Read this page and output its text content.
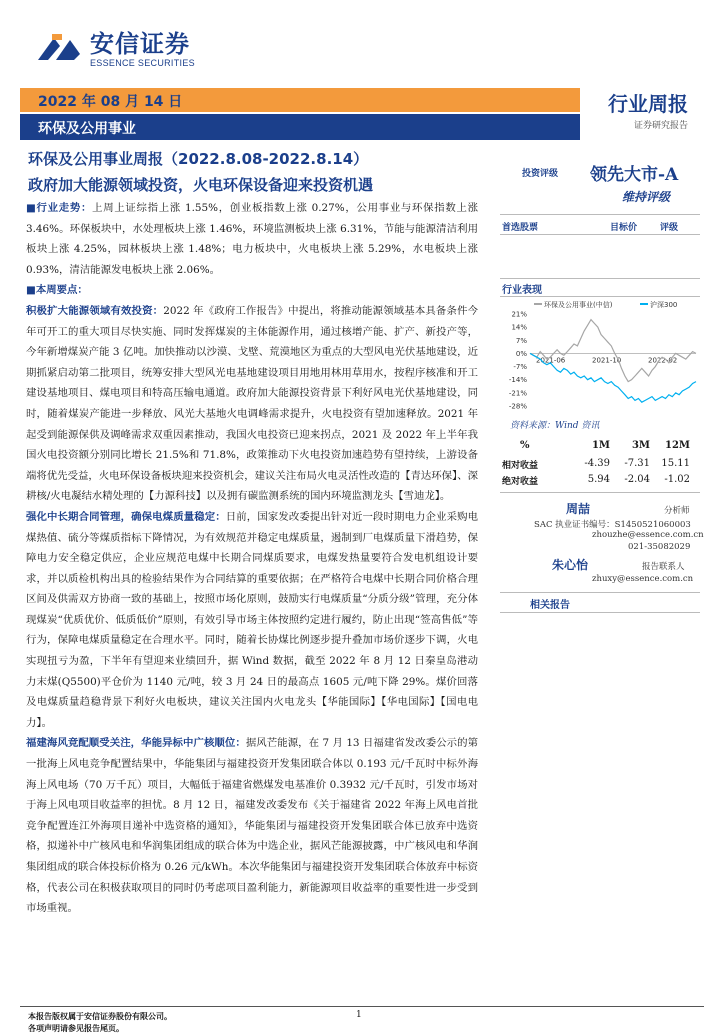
安信证券
ESSENCE SECURITIES
2022 年 08 月 14 日
环保及公用事业
行业周报
证券研究报告
环保及公用事业周报（2022.8.08-2022.8.14）
政府加大能源领域投资，火电环保设备迎来投资机遇
投资评级 领先大市-A
维持评级
首选股票	目标价	评级
行业表现
环保及公用事业(中信)	沪深300
21%
14%
7%
0%
-7%
-14%
-21%
-28%
2021-06	2021-10	2022-02
资料来源：Wind 资讯
%	1M	3M	12M
相对收益	-4.39	-7.31	15.11
绝对收益	5.94	-2.04	-1.02
周喆	分析师
SAC 执业证书编号：S1450521060003
zhouzhe@essence.com.cn
021-35082029
朱心怡	报告联系人
zhuxy@essence.com.cn
相关报告

■行业走势：上周上证综指上涨 1.55%，创业板指数上涨 0.27%，公用事业与环保指数上涨 3.46%。环保板块中，水处理板块上涨 1.46%，环境监测板块上涨 6.31%，节能与能源清洁利用板块上涨 4.25%，园林板块上涨 1.48%；电力板块中，火电板块上涨 5.29%，水电板块上涨 0.93%，清洁能源发电板块上涨 2.06%。

■本周要点：

积极扩大能源领域有效投资：2022 年《政府工作报告》中提出，将推动能源领域基本具备条件今年可开工的重大项目尽快实施、同时发挥煤炭的主体能源作用，通过核增产能、扩产、新投产等，今年新增煤炭产能 3 亿吨。加快推动以沙漠、戈壁、荒漠地区为重点的大型风电光伏基地建设，近期抓紧启动第二批项目，统筹安排大型风光电基地建设项目用地用林用草用水，按程序核准和开工建设基地项目、煤电项目和特高压输电通道。政府加大能源投资背景下利好风电光伏基地建设，同时，随着煤炭产能进一步释放、风光大基地火电调峰需求提升，火电投资有望加速释放。2021 年起受到能源保供及调峰需求双重因素推动，我国火电投资已迎来拐点，2021 及 2022 年上半年我国火电投资额分别同比增长 21.5%和 71.8%，政策推动下火电投资加速趋势有望持续，上游设备端将优先受益，火电环保设备板块迎来投资机会，建议关注布局火电灵活性改造的【青达环保】、深耕核/火电凝结水精处理的【力源科技】以及拥有碳监测系统的国内环境监测龙头【雪迪龙】。

强化中长期合同管理，确保电煤质量稳定：日前，国家发改委提出针对近一段时期电力企业采购电煤热值、硫分等煤质指标下降情况，为有效规范并稳定电煤质量，遏制到厂电煤质量下滑趋势，保障电力安全稳定供应，企业应规范电煤中长期合同煤质要求，电煤发热量要符合发电机组设计要求，并以质检机构出具的检验结果作为合同结算的重要依据；在严格符合电煤中长期合同价格合理区间及供需双方协商一致的基础上，按照市场化原则，鼓励实行电煤质量“分质分级”管理，充分体现煤炭“优质优价、低质低价”原则，有效引导市场主体按照约定进行履约，防止出现“签高售低”等行为，保障电煤质量稳定在合理水平。同时，随着长协煤比例逐步提升叠加市场价逐步下调，火电实现扭亏为盈，下半年有望迎来业绩回升，据 Wind 数据，截至 2022 年 8 月 12 日秦皇岛港动力末煤(Q5500)平仓价为 1140 元/吨，较 3 月 24 日的最高点 1605 元/吨下降 29%。煤价回落及电煤质量趋稳背景下利好火电板块，建议关注国内火电龙头【华能国际】【华电国际】【国电电力】。

福建海风竞配顺受关注，华能异标中广核顺位：据风芒能源，在 7 月 13 日福建省发改委公示的第一批海上风电竞争配置结果中，华能集团与福建投资开发集团联合体以 0.193 元/千瓦时中标外海海上风电场（70 万千瓦）项目，大幅低于福建省燃煤发电基准价 0.3932 元/千瓦时，引发市场对于海上风电项目收益率的担忧。8 月 12 日，福建发改委发布《关于福建省 2022 年海上风电首批竞争配置连江外海项目递补中选资格的通知》，华能集团与福建投资开发集团联合体已放弃中选资格，拟递补中广核风电和华润集团组成的联合体为中选企业，据风芒能源披露，中广核风电和华润集团组成的联合体投标价格为 0.26 元/kWh。本次华能集团与福建投资开发集团联合体放弃中标资格，代表公司在积极获取项目的同时仍考虑项目盈利能力，新能源项目收益率的重要性进一步受到市场重视。

本报告版权属于安信证券股份有限公司。
各项声明请参见报告尾页。
1
